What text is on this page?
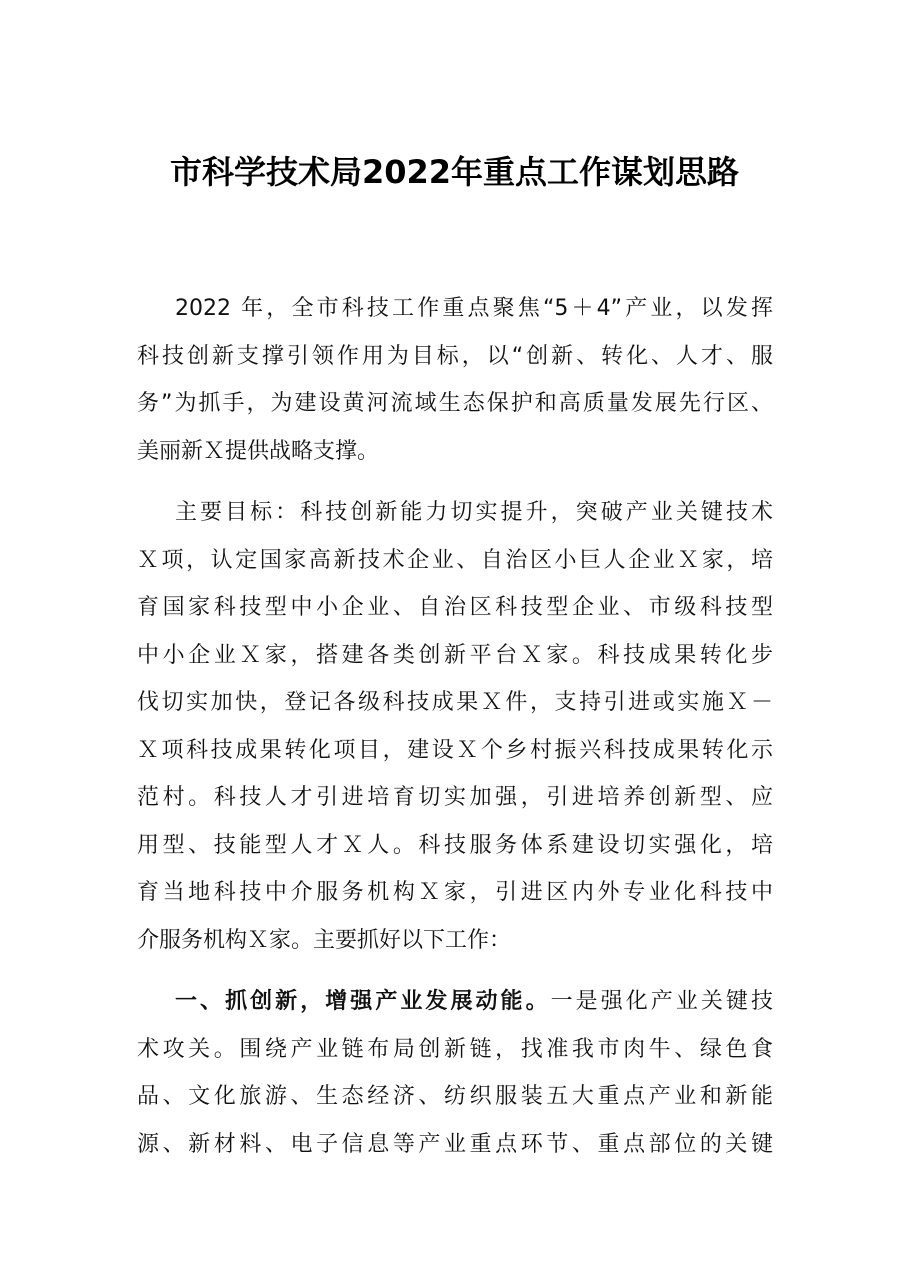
市科学技术局2022年重点工作谋划思路
2022 年，全市科技工作重点聚焦“5＋4”产业，以发挥
科技创新支撑引领作用为目标，以“创新、转化、人才、服
务”为抓手，为建设黄河流域生态保护和高质量发展先行区、
美丽新Ｘ提供战略支撑。
主要目标：科技创新能力切实提升，突破产业关键技术
Ｘ项，认定国家高新技术企业、自治区小巨人企业Ｘ家，培
育国家科技型中小企业、自治区科技型企业、市级科技型
中小企业Ｘ家，搭建各类创新平台Ｘ家。科技成果转化步
伐切实加快，登记各级科技成果Ｘ件，支持引进或实施Ｘ－
Ｘ项科技成果转化项目，建设Ｘ个乡村振兴科技成果转化示
范村。科技人才引进培育切实加强，引进培养创新型、应
用型、技能型人才Ｘ人。科技服务体系建设切实强化，培
育当地科技中介服务机构Ｘ家，引进区内外专业化科技中
介服务机构Ｘ家。主要抓好以下工作：
一、抓创新，增强产业发展动能。一是强化产业关键技
术攻关。围绕产业链布局创新链，找准我市肉牛、绿色食
品、文化旅游、生态经济、纺织服装五大重点产业和新能
源、新材料、电子信息等产业重点环节、重点部位的关键
